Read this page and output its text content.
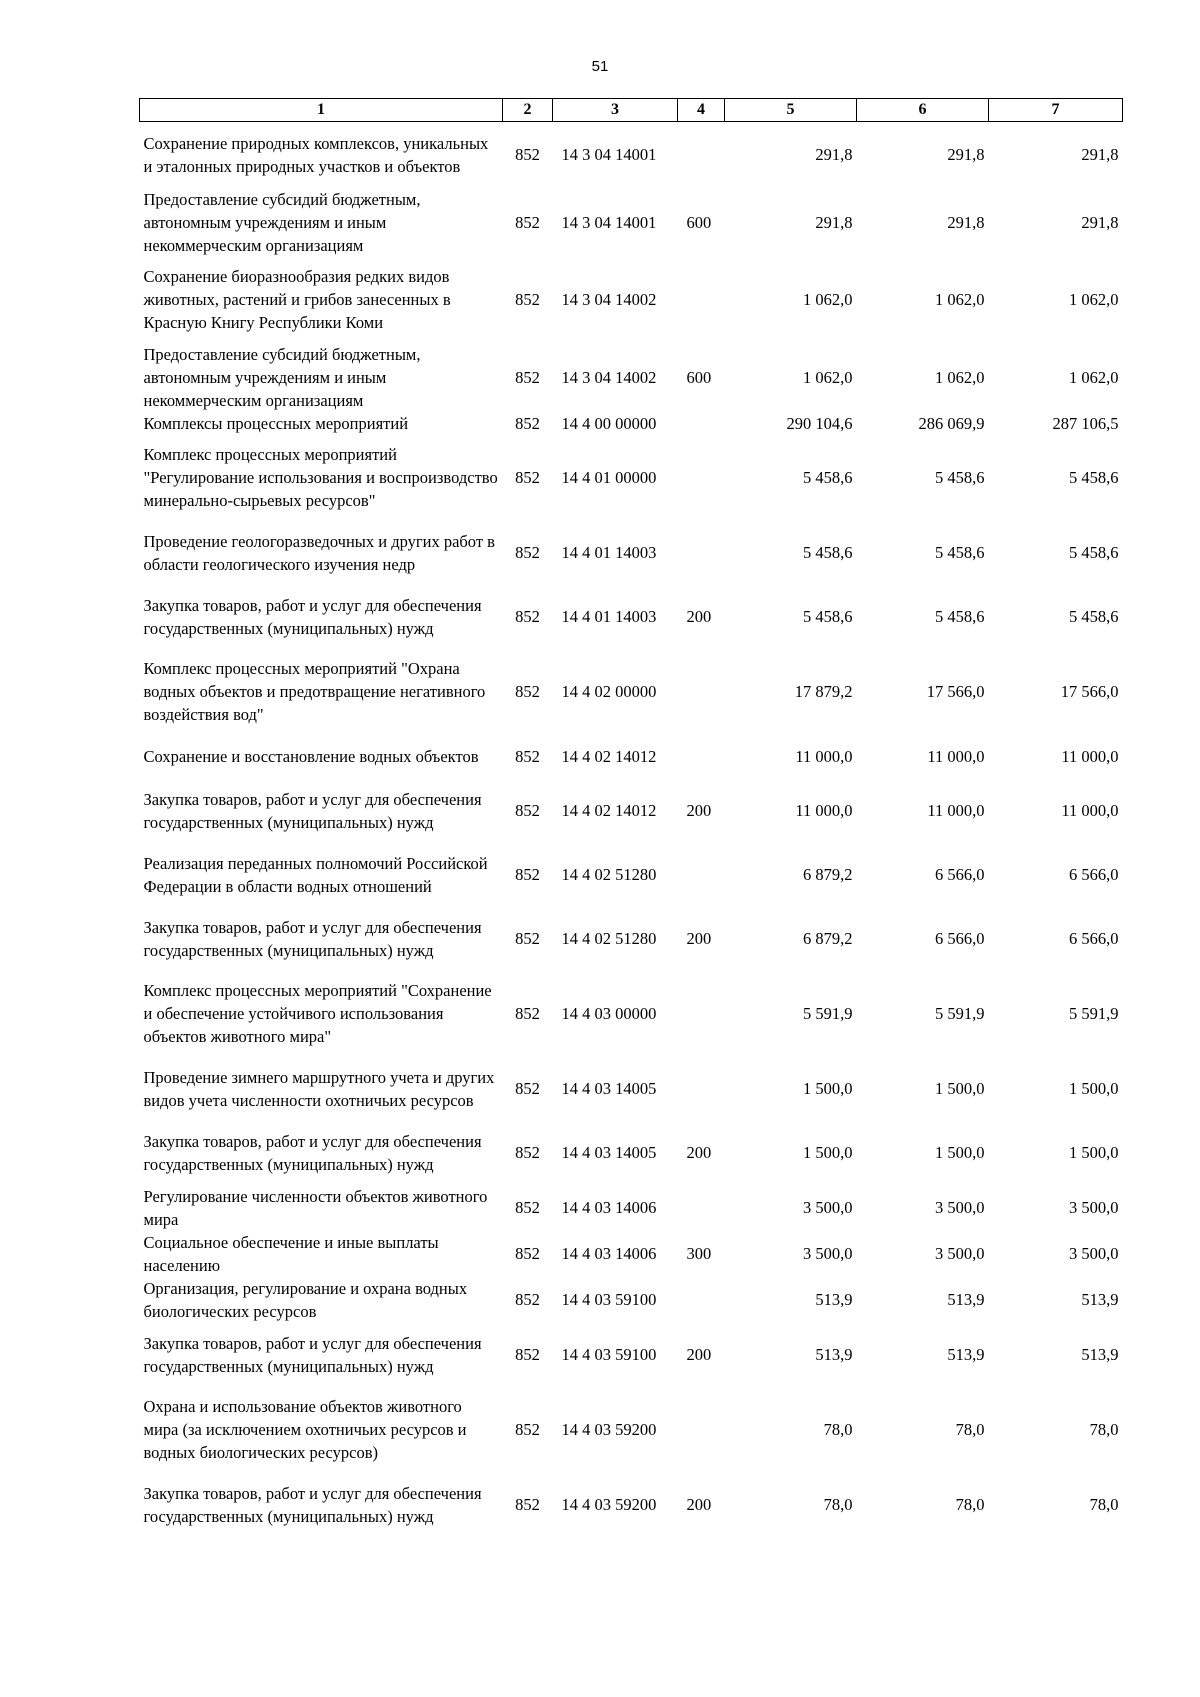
51
1	2	3	4	5	6	7
Сохранение природных комплексов, уникальных и эталонных природных участков и объектов	852	14 3 04 14001		291,8	291,8	291,8
Предоставление субсидий бюджетным, автономным учреждениям и иным некоммерческим организациям	852	14 3 04 14001	600	291,8	291,8	291,8
Сохранение биоразнообразия редких видов животных, растений и грибов занесенных в Красную Книгу Республики Коми	852	14 3 04 14002		1 062,0	1 062,0	1 062,0
Предоставление субсидий бюджетным, автономным учреждениям и иным некоммерческим организациям	852	14 3 04 14002	600	1 062,0	1 062,0	1 062,0
Комплексы процессных мероприятий	852	14 4 00 00000		290 104,6	286 069,9	287 106,5
Комплекс процессных мероприятий "Регулирование использования и воспроизводство минерально-сырьевых ресурсов"	852	14 4 01 00000		5 458,6	5 458,6	5 458,6
Проведение геологоразведочных и других работ в области геологического изучения недр	852	14 4 01 14003		5 458,6	5 458,6	5 458,6
Закупка товаров, работ и услуг для обеспечения государственных (муниципальных) нужд	852	14 4 01 14003	200	5 458,6	5 458,6	5 458,6
Комплекс процессных мероприятий "Охрана водных объектов и предотвращение негативного воздействия вод"	852	14 4 02 00000		17 879,2	17 566,0	17 566,0
Сохранение и восстановление водных объектов	852	14 4 02 14012		11 000,0	11 000,0	11 000,0
Закупка товаров, работ и услуг для обеспечения государственных (муниципальных) нужд	852	14 4 02 14012	200	11 000,0	11 000,0	11 000,0
Реализация переданных полномочий Российской Федерации в области водных отношений	852	14 4 02 51280		6 879,2	6 566,0	6 566,0
Закупка товаров, работ и услуг для обеспечения государственных (муниципальных) нужд	852	14 4 02 51280	200	6 879,2	6 566,0	6 566,0
Комплекс процессных мероприятий "Сохранение и обеспечение устойчивого использования объектов животного мира"	852	14 4 03 00000		5 591,9	5 591,9	5 591,9
Проведение зимнего маршрутного учета и других видов учета численности охотничьих ресурсов	852	14 4 03 14005		1 500,0	1 500,0	1 500,0
Закупка товаров, работ и услуг для обеспечения государственных (муниципальных) нужд	852	14 4 03 14005	200	1 500,0	1 500,0	1 500,0
Регулирование численности объектов животного мира	852	14 4 03 14006		3 500,0	3 500,0	3 500,0
Социальное обеспечение и иные выплаты населению	852	14 4 03 14006	300	3 500,0	3 500,0	3 500,0
Организация, регулирование и охрана водных биологических ресурсов	852	14 4 03 59100		513,9	513,9	513,9
Закупка товаров, работ и услуг для обеспечения государственных (муниципальных) нужд	852	14 4 03 59100	200	513,9	513,9	513,9
Охрана и использование объектов животного мира (за исключением охотничьих ресурсов и водных биологических ресурсов)	852	14 4 03 59200		78,0	78,0	78,0
Закупка товаров, работ и услуг для обеспечения государственных (муниципальных) нужд	852	14 4 03 59200	200	78,0	78,0	78,0
